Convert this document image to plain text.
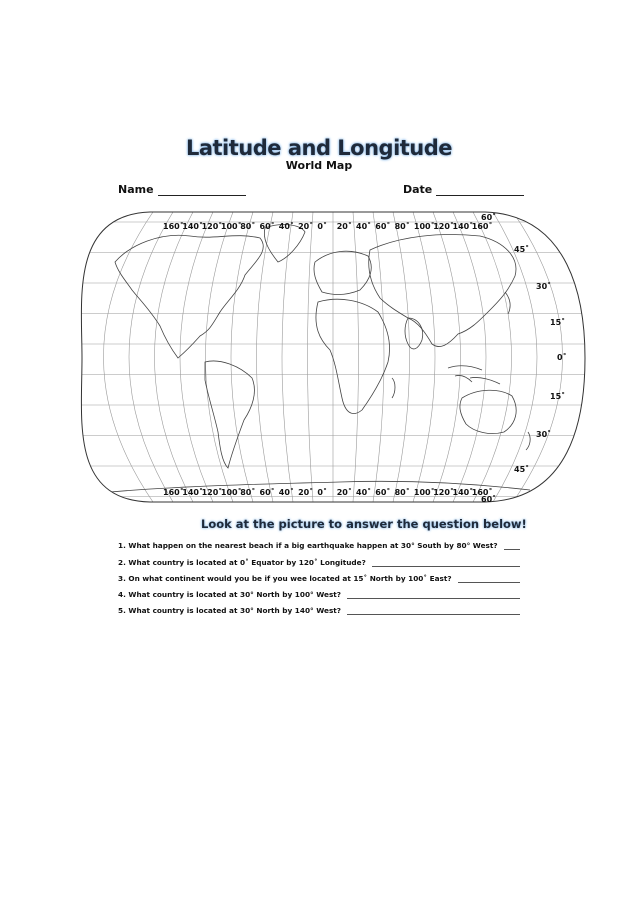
Latitude and Longitude
World Map
Name	Date
160˚
140˚
120˚
100˚
80˚ 60˚ 40˚ 20˚ 0˚ 20˚ 40˚ 60˚ 80˚ 100˚
120˚
140˚
160˚
160˚
140˚
120˚
100˚
80˚ 60˚ 40˚ 20˚ 0˚ 20˚ 40˚ 60˚ 80˚ 100˚
120˚
140˚
160˚
60˚
45˚
30˚
15˚
0˚
15˚
30˚
45˚
60˚
Look at the picture to answer the question below!
1. What happen on the nearest beach if a big earthquake happen at 30° South by 80° West?
2. What country is located at 0˚ Equator by 120˚ Longitude?
3. On what continent would you be if you wee located at 15˚ North by 100˚ East?
4. What country is located at 30° North by 100° West?
5. What country is located at 30° North by 140° West?
